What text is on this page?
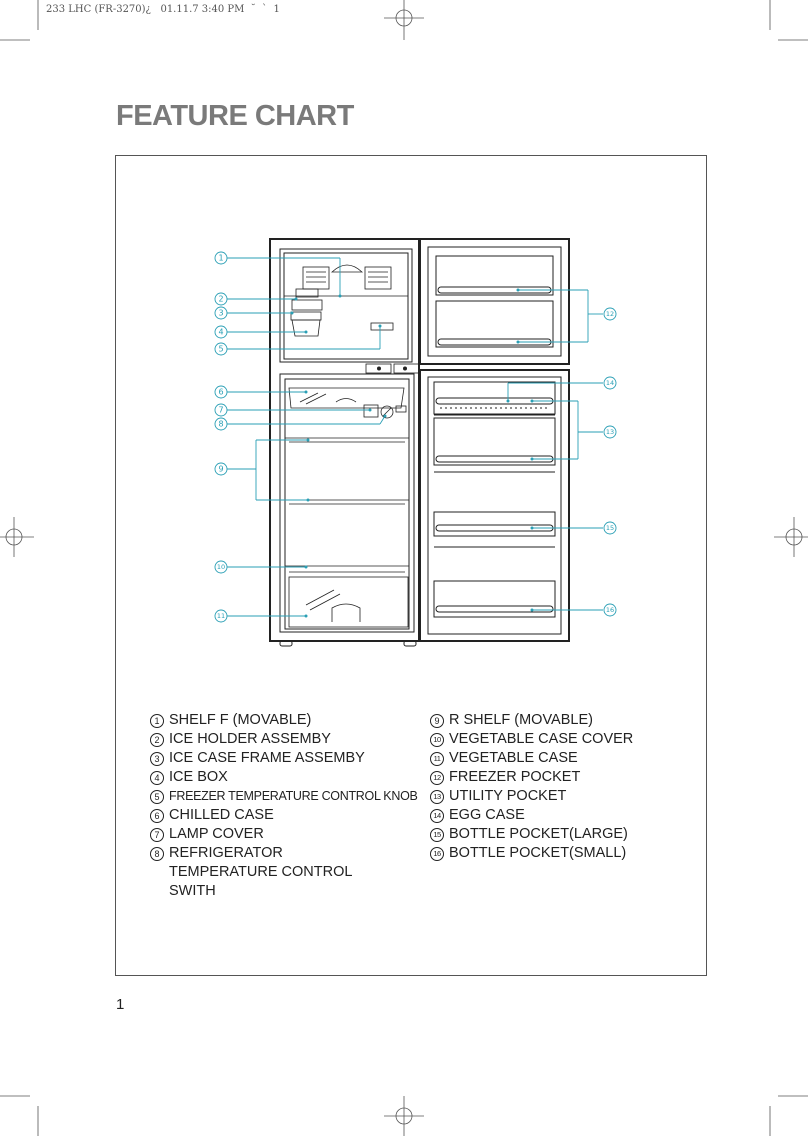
233 LHC (FR-3270)¿   01.11.7 3:40 PM  ˘  `  1
FEATURE CHART
1
2
3
4
5
6
7
8
9
10
11
12
13
14
15
16
1 SHELF F (MOVABLE)
2 ICE HOLDER ASSEMBY
3 ICE CASE FRAME ASSEMBY
4 ICE BOX
5 FREEZER TEMPERATURE CONTROL KNOB
6 CHILLED CASE
7 LAMP COVER
8 REFRIGERATOR TEMPERATURE CONTROL SWITH
9 R SHELF (MOVABLE)
10 VEGETABLE CASE COVER
11 VEGETABLE CASE
12 FREEZER POCKET
13 UTILITY POCKET
14 EGG CASE
15 BOTTLE POCKET(LARGE)
16 BOTTLE POCKET(SMALL)
1
